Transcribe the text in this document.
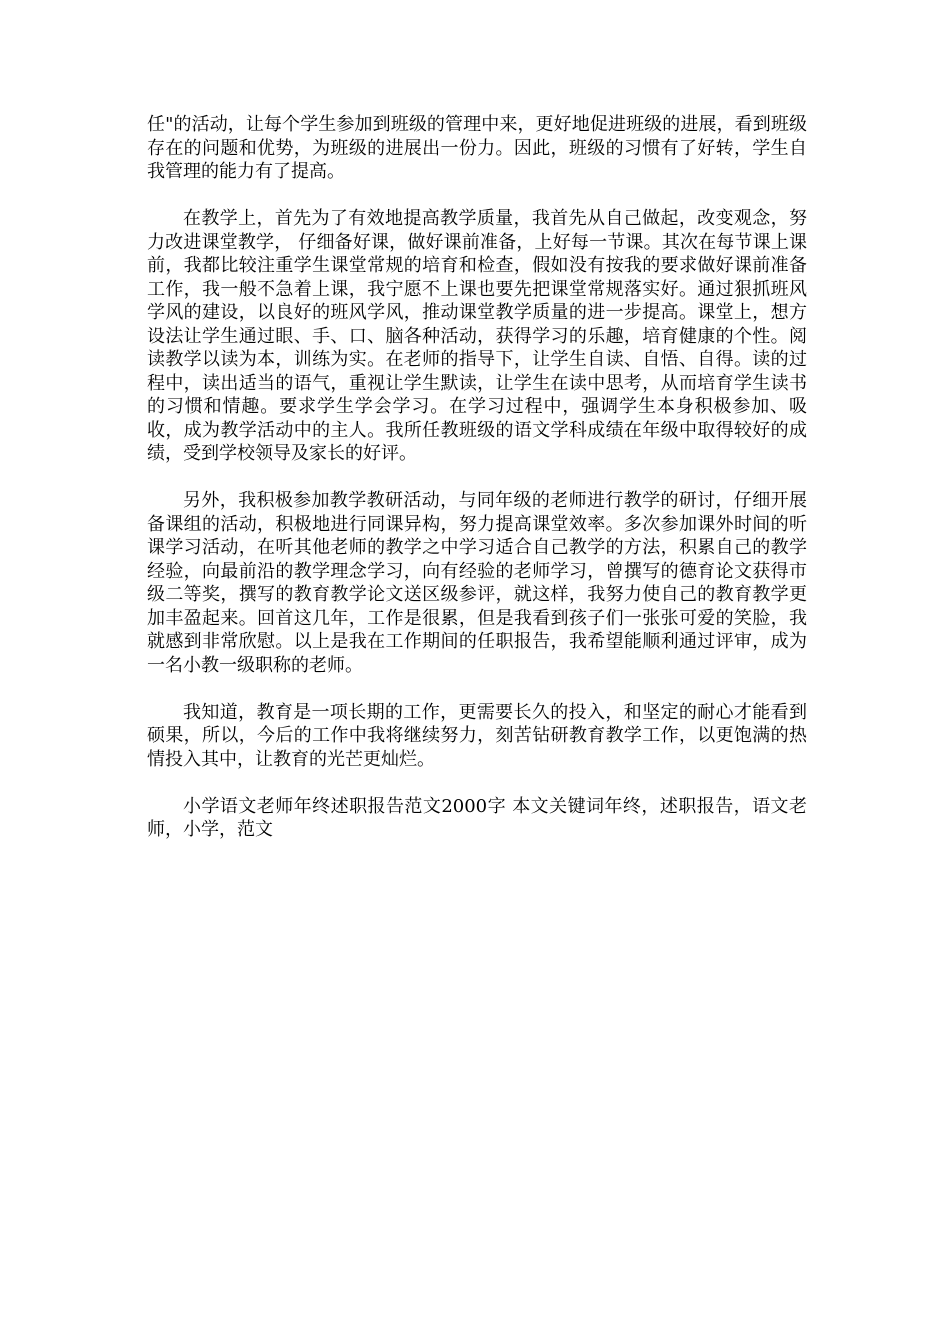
任"的活动，让每个学生参加到班级的管理中来，更好地促进班级的进展，看到班级存在的问题和优势，为班级的进展出一份力。因此，班级的习惯有了好转，学生自我管理的能力有了提高。

在教学上，首先为了有效地提高教学质量，我首先从自己做起，改变观念，努力改进课堂教学， 仔细备好课，做好课前准备，上好每一节课。其次在每节课上课前，我都比较注重学生课堂常规的培育和检查，假如没有按我的要求做好课前准备工作，我一般不急着上课，我宁愿不上课也要先把课堂常规落实好。通过狠抓班风学风的建设，以良好的班风学风，推动课堂教学质量的进一步提高。课堂上，想方设法让学生通过眼、手、口、脑各种活动，获得学习的乐趣，培育健康的个性。阅读教学以读为本，训练为实。在老师的指导下，让学生自读、自悟、自得。读的过程中，读出适当的语气，重视让学生默读，让学生在读中思考，从而培育学生读书的习惯和情趣。要求学生学会学习。在学习过程中，强调学生本身积极参加、吸收，成为教学活动中的主人。我所任教班级的语文学科成绩在年级中取得较好的成绩，受到学校领导及家长的好评。

另外，我积极参加教学教研活动，与同年级的老师进行教学的研讨，仔细开展备课组的活动，积极地进行同课异构，努力提高课堂效率。多次参加课外时间的听课学习活动，在听其他老师的教学之中学习适合自己教学的方法，积累自己的教学经验，向最前沿的教学理念学习，向有经验的老师学习，曾撰写的德育论文获得市级二等奖，撰写的教育教学论文送区级参评，就这样，我努力使自己的教育教学更加丰盈起来。回首这几年，工作是很累，但是我看到孩子们一张张可爱的笑脸，我就感到非常欣慰。以上是我在工作期间的任职报告，我希望能顺利通过评审，成为一名小教一级职称的老师。

我知道，教育是一项长期的工作，更需要长久的投入，和坚定的耐心才能看到硕果，所以，今后的工作中我将继续努力，刻苦钻研教育教学工作，以更饱满的热情投入其中，让教育的光芒更灿烂。

小学语文老师年终述职报告范文2000字 本文关键词年终，述职报告，语文老师，小学，范文
